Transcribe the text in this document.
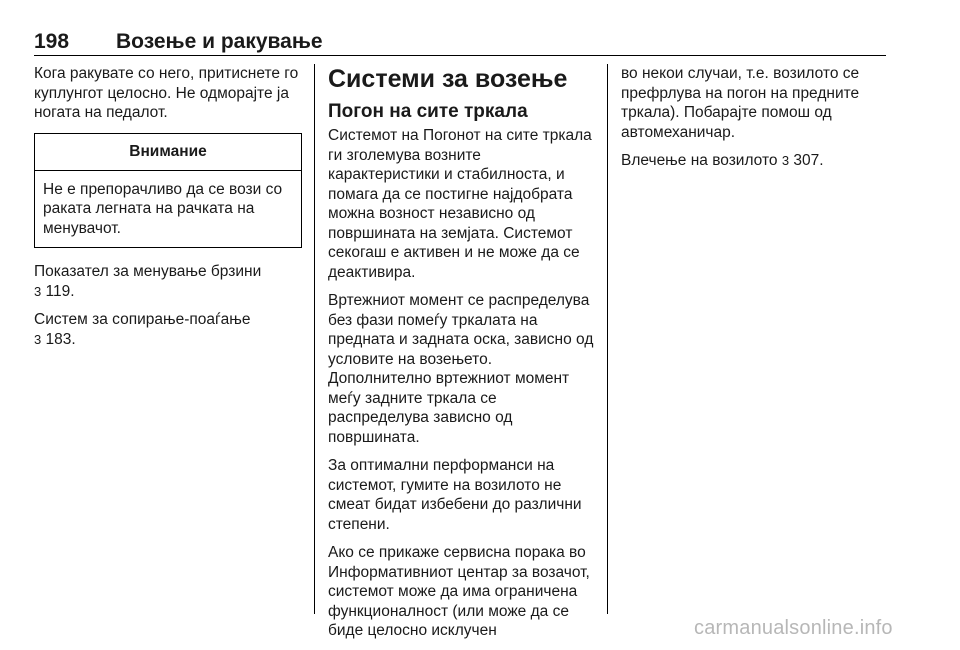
198 Возење и ракување

Кога ракувате со него, притиснете го куплунгот целосно. Не одморајте ја ногата на педалот.

Внимание
Не е препорачливо да се вози со раката легната на рачката на менувачот.

Показател за менување брзини
3 119.

Систем за сопирање-поаѓање
3 183.

Системи за возење
Погон на сите тркала

Системот на Погонот на сите тркала ги зголемува возните карактеристики и стабилноста, и помага да се постигне најдобрата можна возност независно од површината на земјата. Системот секогаш е активен и не може да се деактивира.

Вртежниот момент се распределува без фази помеѓу тркалата на предната и задната оска, зависно од условите на возењето. Дополнително вртежниот момент меѓу задните тркала се распределува зависно од површината.

За оптимални перформанси на системот, гумите на возилото не смеат бидат избебени до различни степени.

Ако се прикаже сервисна порака во Информативниот центар за возачот, системот може да има ограничена функционалност (или може да се биде целосно исклучен

во некои случаи, т.е. возилото се префрлува на погон на предните тркала). Побарајте помош од автомеханичар.

Влечење на возилото 3 307.

carmanualsonline.info
